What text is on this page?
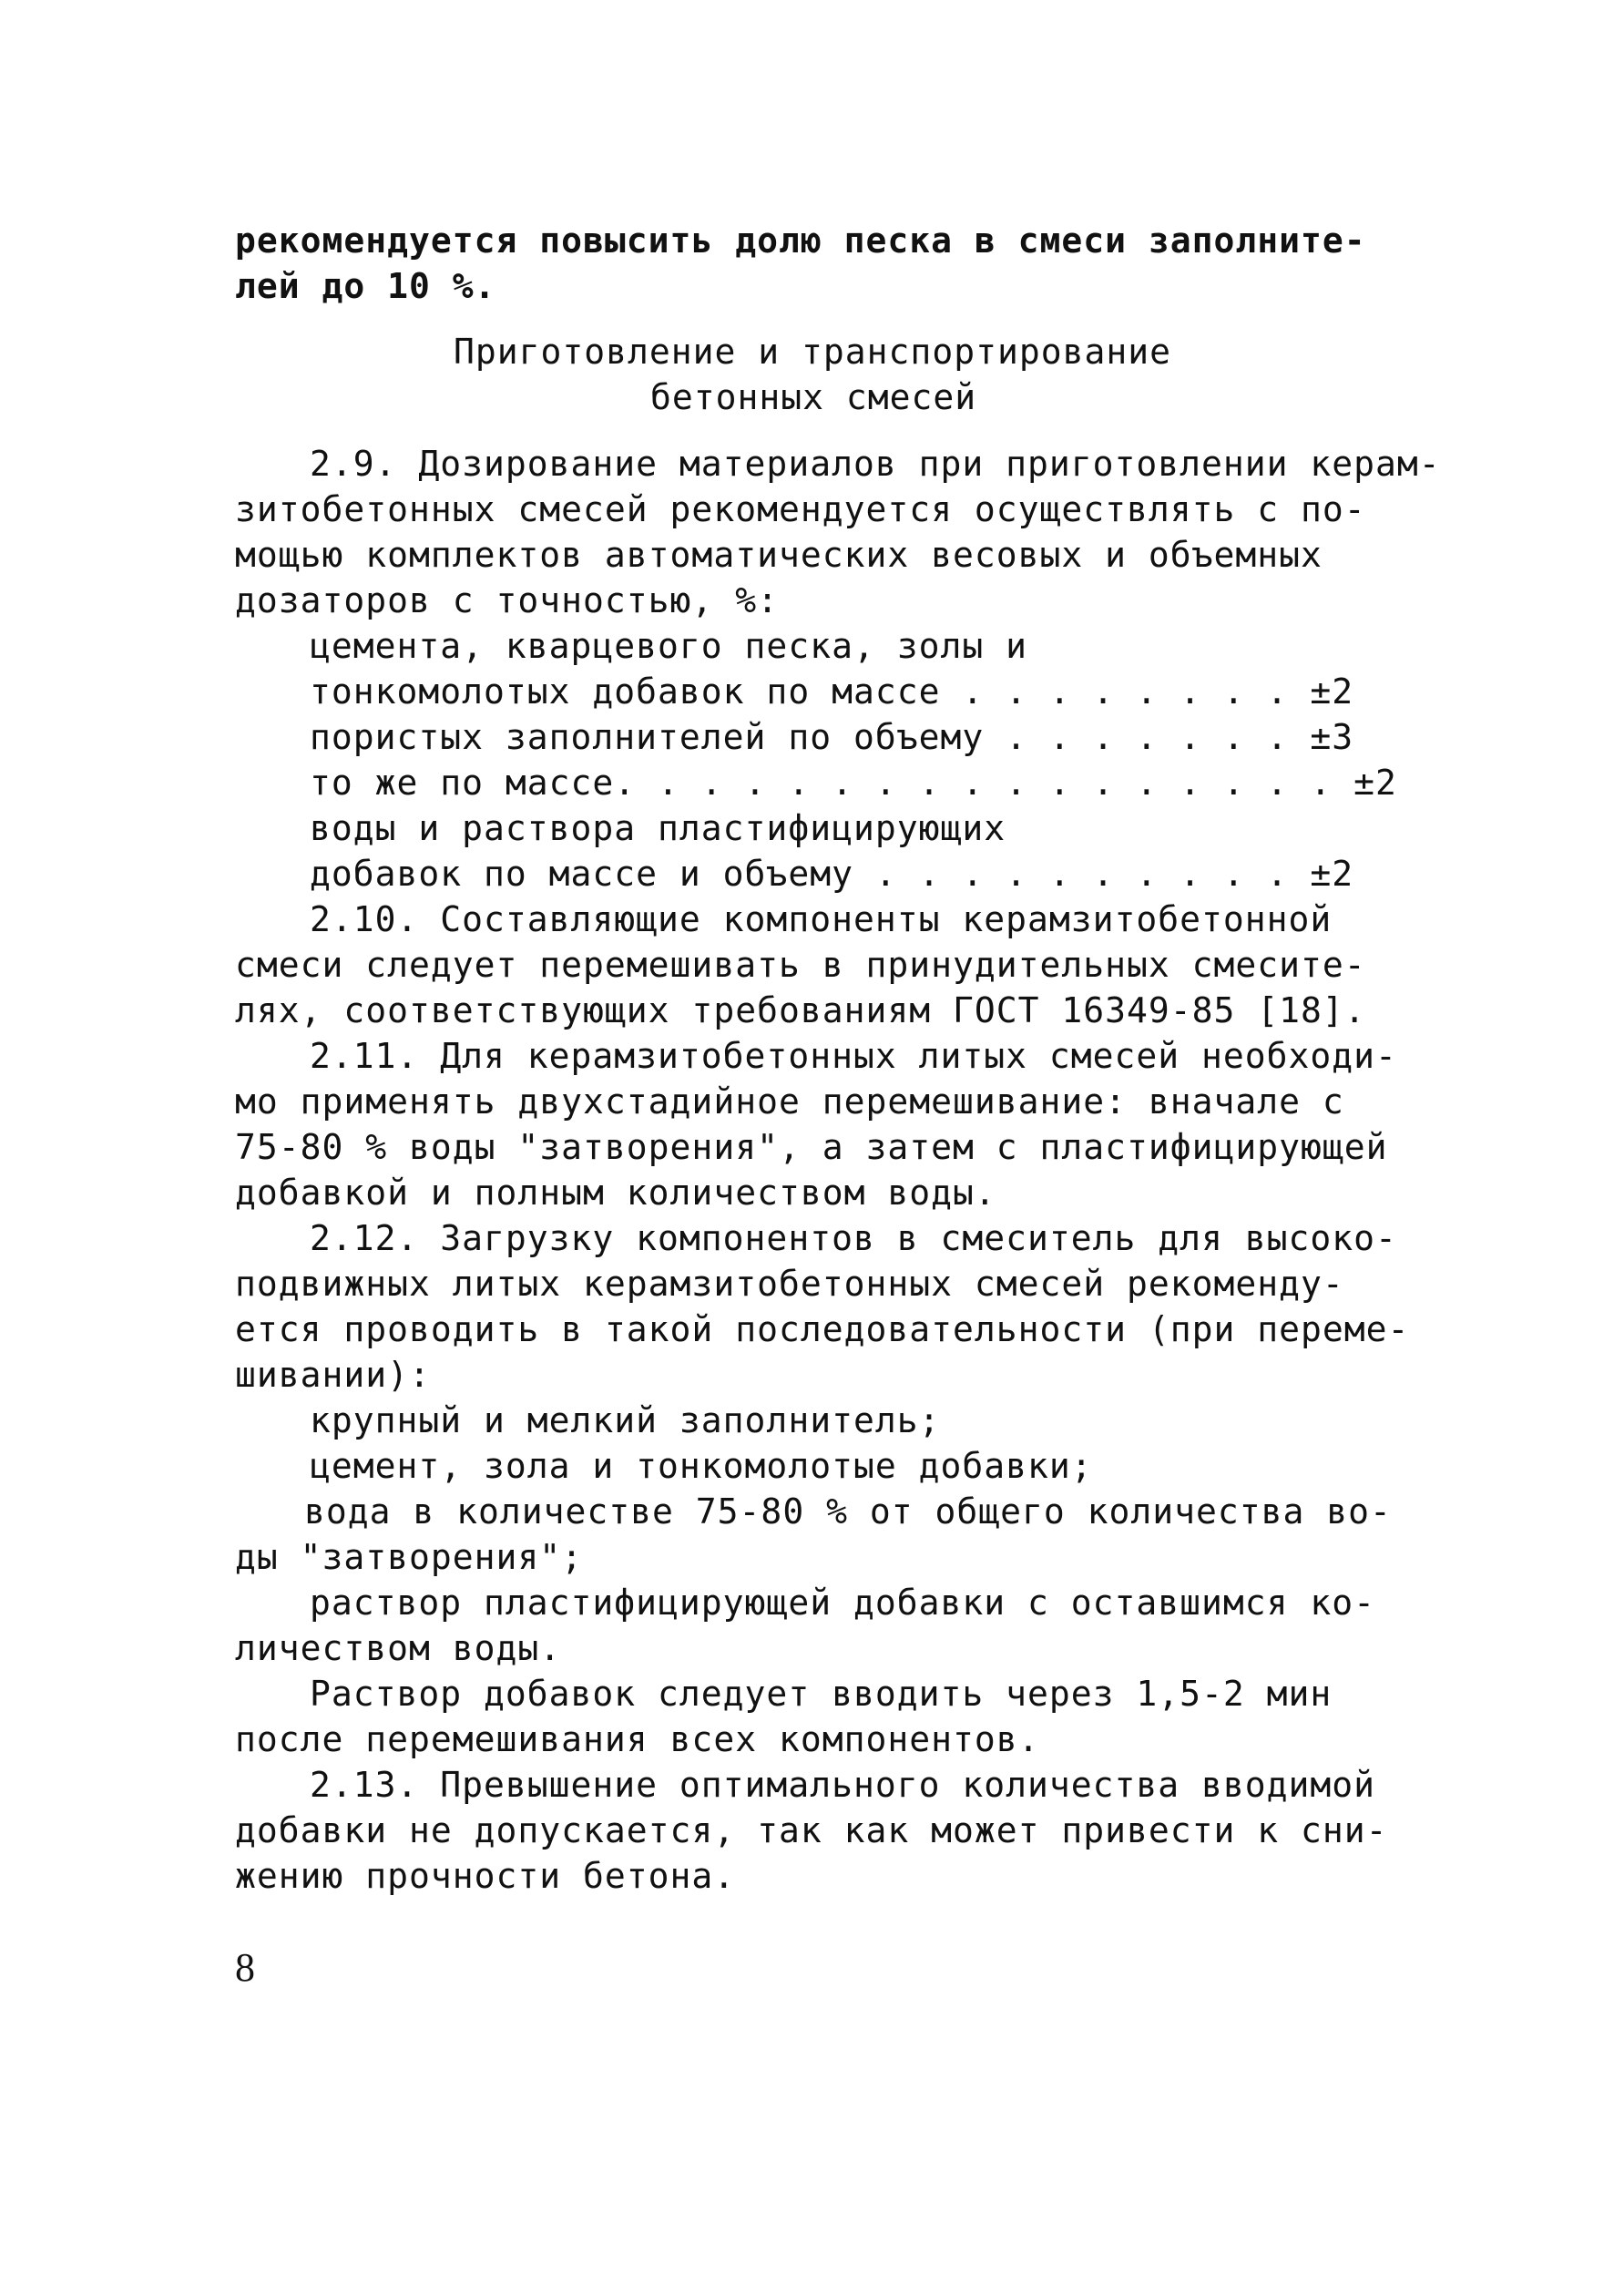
рекомендуется повысить долю песка в смеси заполните-
лей до 10 %.
Приготовление и транспортирование
бетонных смесей
2.9. Дозирование материалов при приготовлении керам-
зитобетонных смесей рекомендуется осуществлять с по-
мощью комплектов автоматических весовых и объемных
дозаторов с точностью, %:
цемента, кварцевого песка, золы и
тонкомолотых добавок по массе . . . . . . . . ±2
пористых заполнителей по объему . . . . . . . ±3
то же по массе. . . . . . . . . . . . . . . . . ±2
воды и раствора пластифицирующих
добавок по массе и объему . . . . . . . . . . ±2
2.10. Составляющие компоненты керамзитобетонной
смеси следует перемешивать в принудительных смесите-
лях, соответствующих требованиям ГОСТ 16349-85 [18].
2.11. Для керамзитобетонных литых смесей необходи-
мо применять двухстадийное перемешивание: вначале с
75-80 % воды "затворения", а затем с пластифицирующей
добавкой и полным количеством воды.
2.12. Загрузку компонентов в смеситель для высоко-
подвижных литых керамзитобетонных смесей рекоменду-
ется проводить в такой последовательности (при переме-
шивании):
крупный и мелкий заполнитель;
цемент, зола и тонкомолотые добавки;
вода в количестве 75-80 % от общего количества во-
ды "затворения";
раствор пластифицирующей добавки с оставшимся ко-
личеством воды.
Раствор добавок следует вводить через 1,5-2 мин
после перемешивания всех компонентов.
2.13. Превышение оптимального количества вводимой
добавки не допускается, так как может привести к сни-
жению прочности бетона.
8
